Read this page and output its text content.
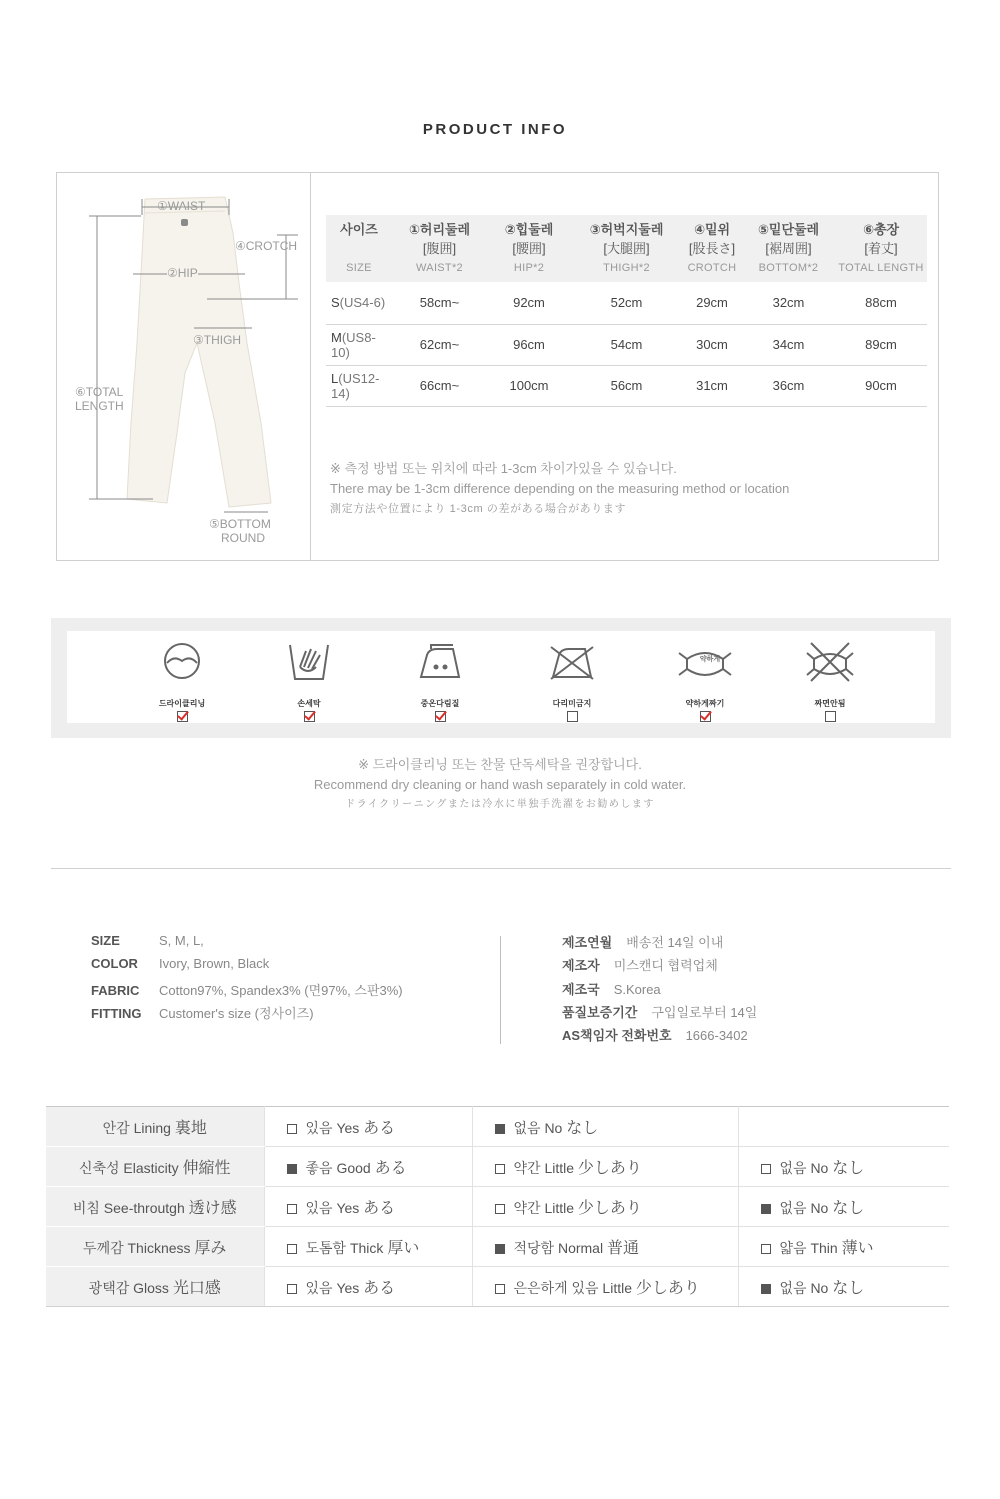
PRODUCT INFO
①WAIST
④CROTCH
②HIP
③THIGH
⑥TOTAL
LENGTH
⑤BOTTOM
ROUND
사이즈	①허리둘레	②힙둘레	③허벅지둘레	④밑위	⑤밑단둘레	⑥총장
	[腹囲]	[腰囲]	[大腿囲]	[股長さ]	[裾周囲]	[着丈]
SIZE	WAIST*2	HIP*2	THIGH*2	CROTCH	BOTTOM*2	TOTAL LENGTH
S(US4-6)	58cm~	92cm	52cm	29cm	32cm	88cm
M(US8-10)	62cm~	96cm	54cm	30cm	34cm	89cm
L(US12-14)	66cm~	100cm	56cm	31cm	36cm	90cm

※ 측정 방법 또는 위치에 따라 1-3cm 차이가있을 수 있습니다.

There may be 1-3cm difference depending on the measuring method or location

測定方法や位置により 1-3cm の差がある場合があります

드라이클리닝	손세탁	중온다림질	다리미금지
약하게
약하게짜기	짜면안됨

※ 드라이클리닝 또는 찬물 단독세탁을 권장합니다.

Recommend dry cleaning or hand wash separately in cold water.

ドライクリーニングまたは冷水に単独手洗濯をお勧めします

SIZE	S, M, L,
COLOR Ivory, Brown, Black
FABRIC Cotton97%, Spandex3% (면97%, 스판3%)
FITTING Customer's size (정사이즈)
제조연월 배송전 14일 이내
제조자 미스캔디 협력업체
제조국 S.Korea
품질보증기간 구입일로부터 14일
AS책임자 전화번호 1666-3402
안감 Lining 裏地	있음 Yes ある	없음 No なし	
신축성 Elasticity 伸縮性	좋음 Good ある	약간 Little 少しあり	없음 No なし
비침 See-throutgh 透け感	있음 Yes ある	약간 Little 少しあり	없음 No なし
두께감 Thickness 厚み	도톰함 Thick 厚い	적당함 Normal 普通	얇음 Thin 薄い
광택감 Gloss 光口感	있음 Yes ある	은은하게 있음 Little 少しあり	없음 No なし
